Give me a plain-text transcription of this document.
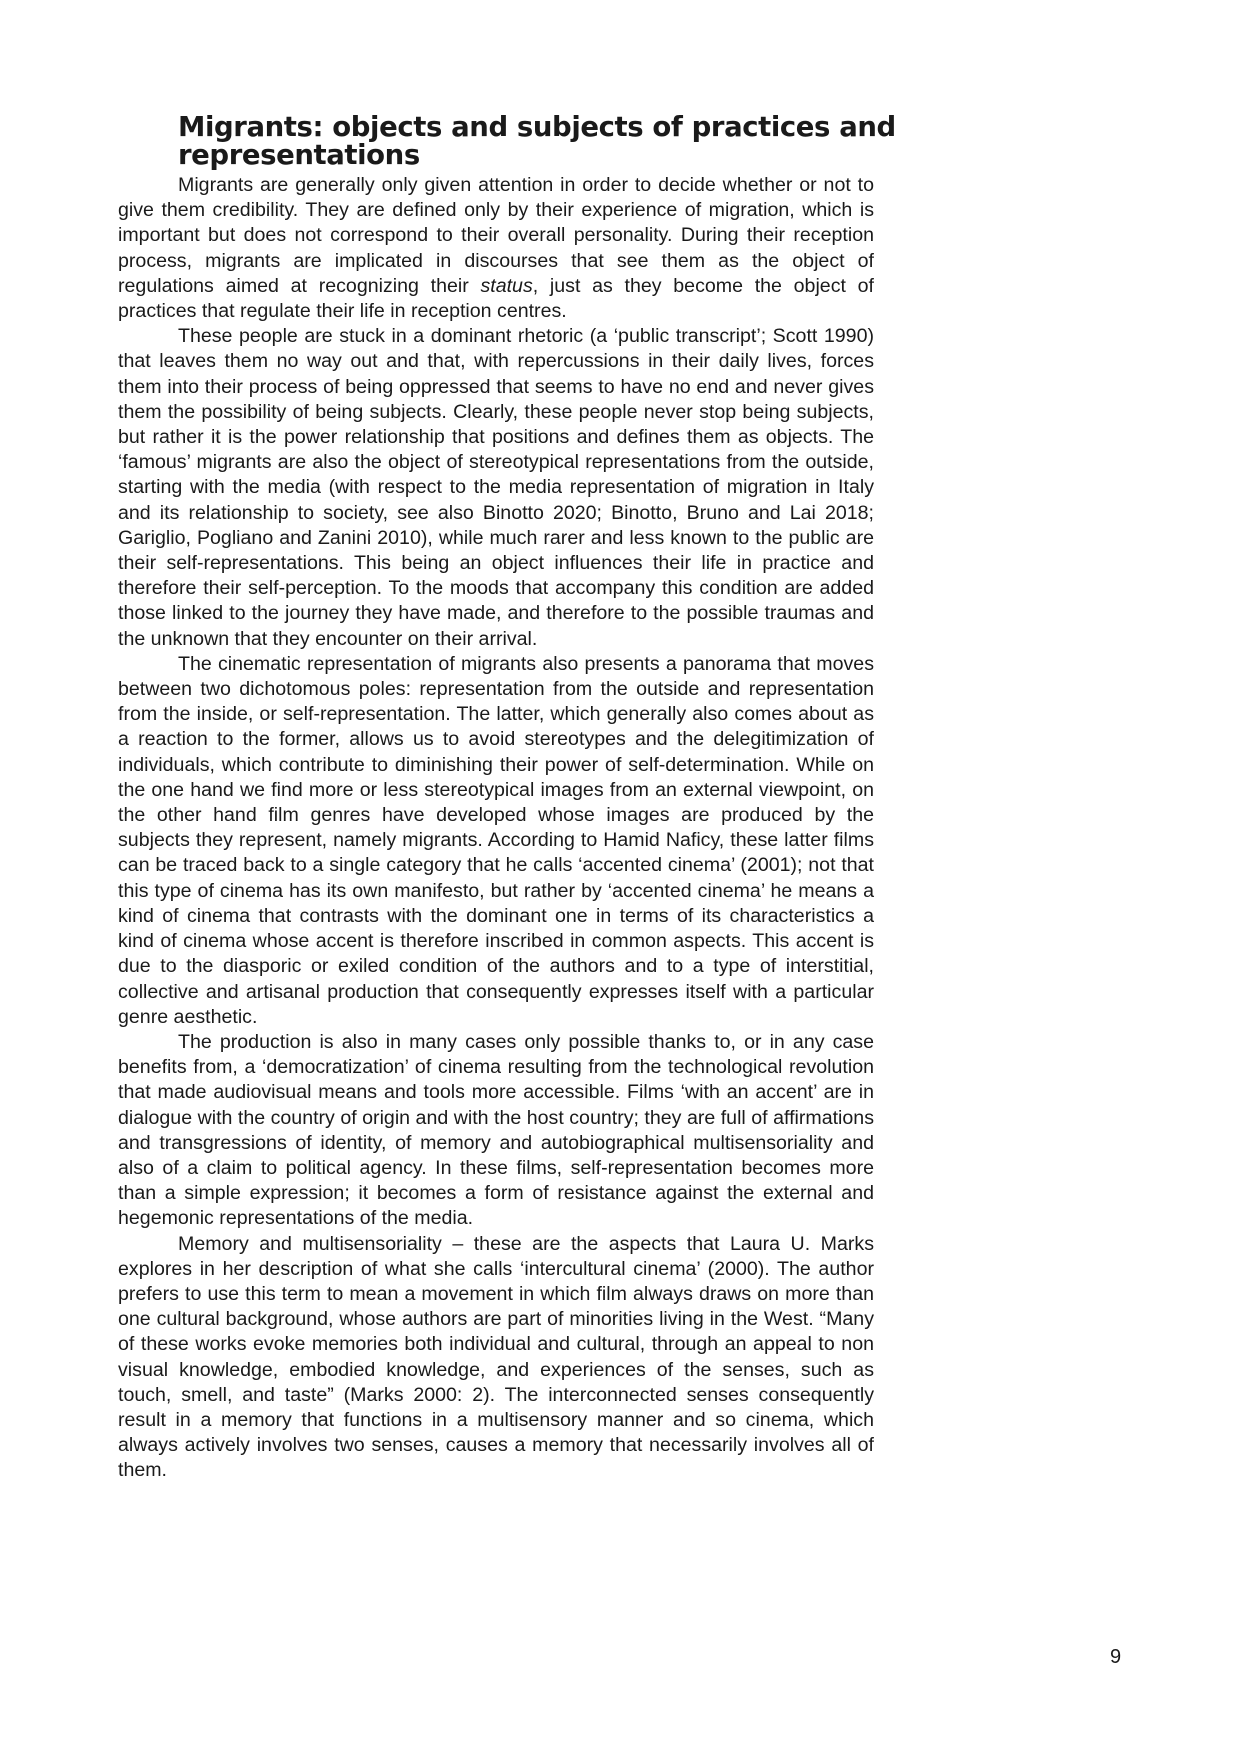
Migrants: objects and subjects of practices and representations

Migrants are generally only given attention in order to decide whether or not to give them credibility. They are defined only by their experience of migration, which is important but does not correspond to their overall personality. During their reception process, migrants are implicated in discourses that see them as the object of regulations aimed at recognizing their status, just as they become the object of practices that regulate their life in reception centres.

These people are stuck in a dominant rhetoric (a ‘public transcript’; Scott 1990) that leaves them no way out and that, with repercussions in their daily lives, forces them into their process of being oppressed that seems to have no end and never gives them the possibility of being subjects. Clearly, these people never stop being subjects, but rather it is the power relationship that positions and defines them as objects. The ‘famous’ migrants are also the object of stereotypical representations from the outside, starting with the media (with respect to the media representation of migration in Italy and its relationship to society, see also Binotto 2020; Binotto, Bruno and Lai 2018; Gariglio, Pogliano and Zanini 2010), while much rarer and less known to the public are their self-representations. This being an object influences their life in practice and therefore their self-perception. To the moods that accompany this condition are added those linked to the journey they have made, and therefore to the possible traumas and the unknown that they encounter on their arrival.

The cinematic representation of migrants also presents a panorama that moves between two dichotomous poles: representation from the outside and representation from the inside, or self-representation. The latter, which generally also comes about as a reaction to the former, allows us to avoid stereotypes and the delegitimization of individuals, which contribute to diminishing their power of self-determination. While on the one hand we find more or less stereotypical images from an external viewpoint, on the other hand film genres have developed whose images are produced by the subjects they represent, namely migrants. According to Hamid Naficy, these latter films can be traced back to a single category that he calls ‘accented cinema’ (2001); not that this type of cinema has its own manifesto, but rather by ‘accented cinema’ he means a kind of cinema that contrasts with the dominant one in terms of its characteristics a kind of cinema whose accent is therefore inscribed in common aspects. This accent is due to the diasporic or exiled condition of the authors and to a type of interstitial, collective and artisanal production that consequently expresses itself with a particular genre aesthetic.

The production is also in many cases only possible thanks to, or in any case benefits from, a ‘democratization’ of cinema resulting from the technological revolution that made audiovisual means and tools more accessible. Films ‘with an accent’ are in dialogue with the country of origin and with the host country; they are full of affirmations and transgressions of identity, of memory and autobiographical multisensoriality and also of a claim to political agency. In these films, self-representation becomes more than a simple expression; it becomes a form of resistance against the external and hegemonic representations of the media.

Memory and multisensoriality – these are the aspects that Laura U. Marks explores in her description of what she calls ‘intercultural cinema’ (2000). The author prefers to use this term to mean a movement in which film always draws on more than one cultural background, whose authors are part of minorities living in the West. “Many of these works evoke memories both individual and cultural, through an appeal to non visual knowledge, embodied knowledge, and experiences of the senses, such as touch, smell, and taste” (Marks 2000: 2). The interconnected senses consequently result in a memory that functions in a multisensory manner and so cinema, which always actively involves two senses, causes a memory that necessarily involves all of them.

9
